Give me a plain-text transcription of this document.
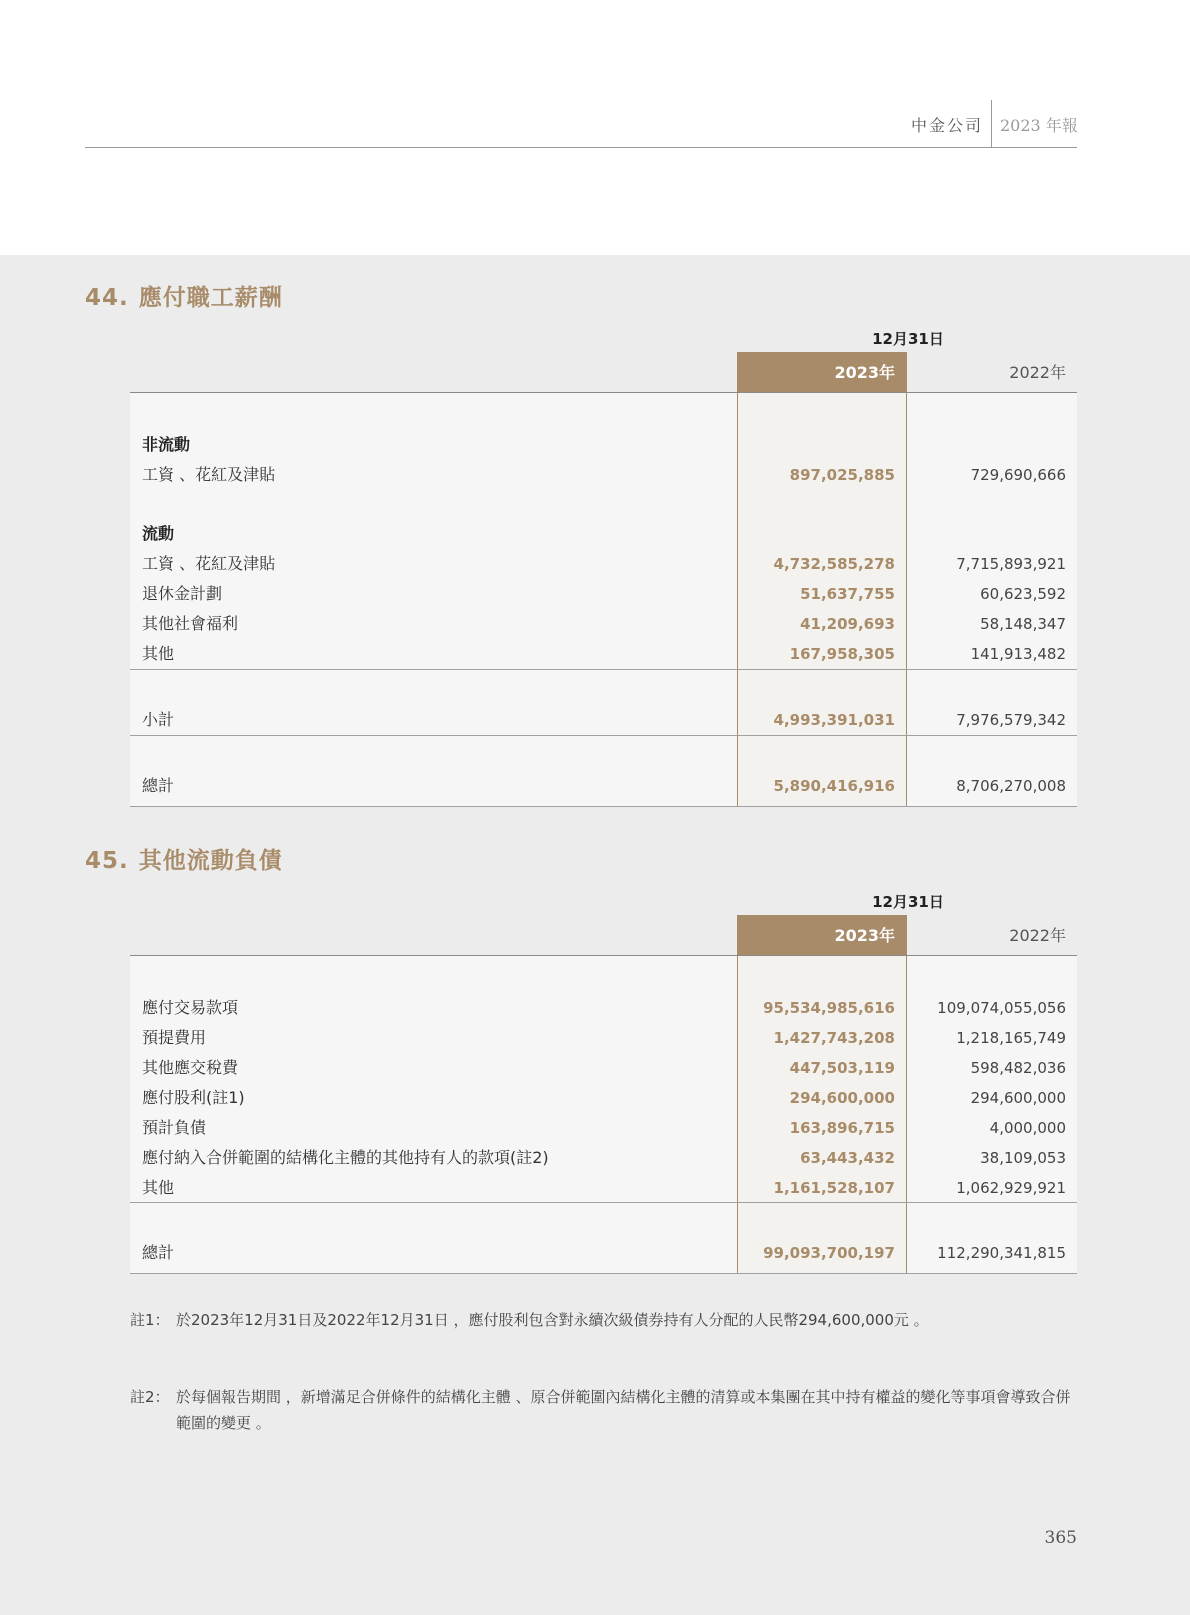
中金公司 2023 年報
44. 應付職工薪酬
12月31日
2023年	2022年
非流動
工資 、花紅及津貼	897,025,885	729,690,666
流動
工資 、花紅及津貼	4,732,585,278	7,715,893,921
退休金計劃	51,637,755	60,623,592
其他社會福利	41,209,693	58,148,347
其他	167,958,305	141,913,482
小計	4,993,391,031	7,976,579,342
總計	5,890,416,916	8,706,270,008
45. 其他流動負債
12月31日
2023年	2022年
應付交易款項	95,534,985,616	109,074,055,056
預提費用	1,427,743,208	1,218,165,749
其他應交稅費	447,503,119	598,482,036
應付股利(註1)	294,600,000	294,600,000
預計負債	163,896,715	4,000,000
應付納入合併範圍的結構化主體的其他持有人的款項(註2)	63,443,432	38,109,053
其他	1,161,528,107	1,062,929,921
總計	99,093,700,197	112,290,341,815
註1： 於2023年12月31日及2022年12月31日 ，應付股利包含對永續次級債券持有人分配的人民幣294,600,000元 。
註2： 於每個報告期間 ，新增滿足合併條件的結構化主體 、原合併範圍內結構化主體的清算或本集團在其中持有權益的變化等事項會導致合併範圍的變更 。
365
